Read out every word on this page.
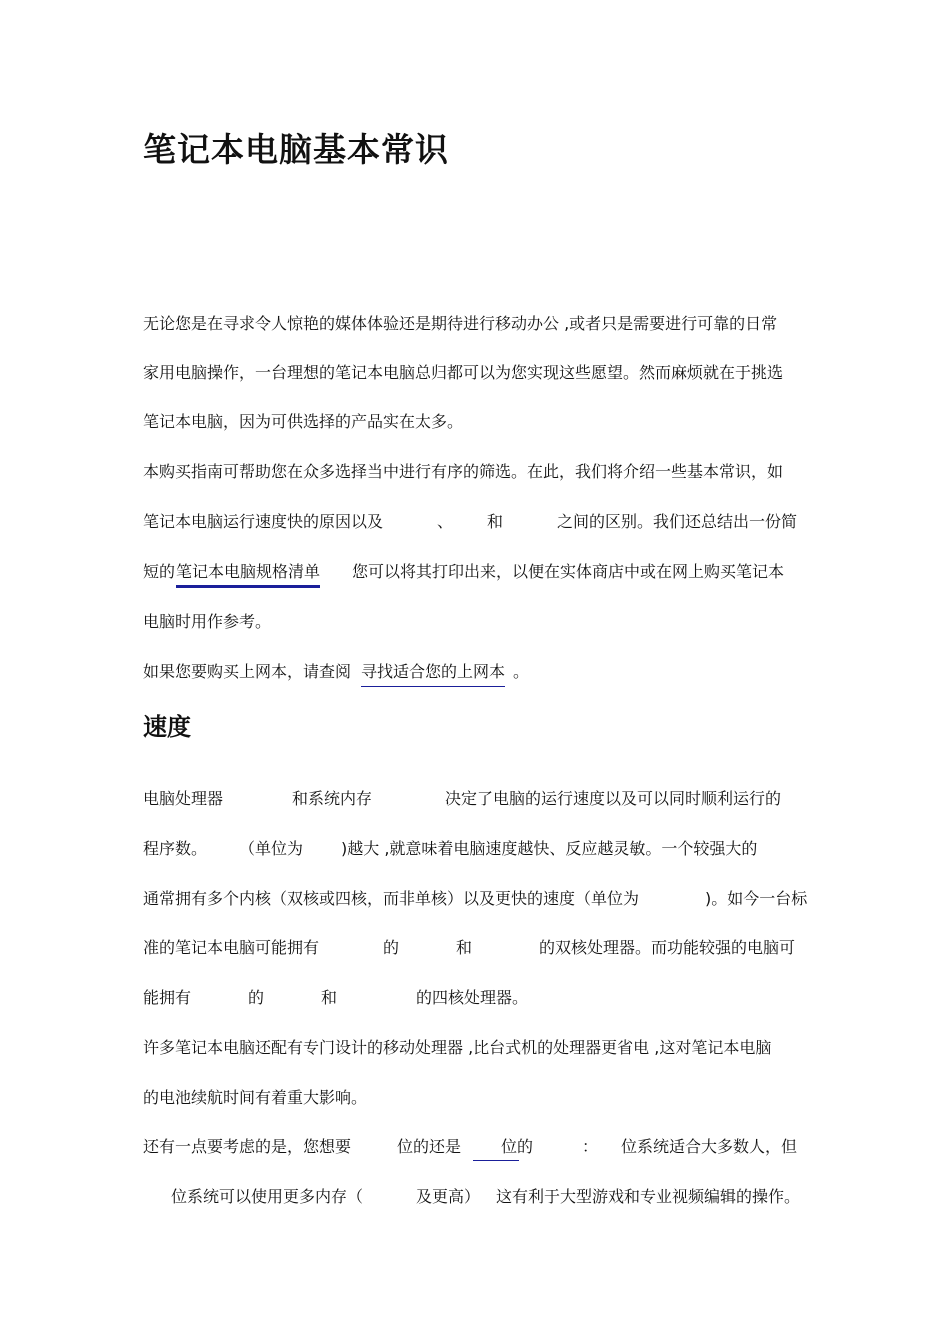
笔记本电脑基本常识
无论您是在寻求令人惊艳的媒体体验还是期待进行移动办公 ,或者只是需要进行可靠的日常
家用电脑操作，一台理想的笔记本电脑总归都可以为您实现这些愿望。然而麻烦就在于挑选
笔记本电脑，因为可供选择的产品实在太多。
本购买指南可帮助您在众多选择当中进行有序的筛选。在此，我们将介绍一些基本常识，如
笔记本电脑运行速度快的原因以及	、 和	之间的区别。我们还总结出一份简
短的 笔记本电脑规格清单 您可以将其打印出来，以便在实体商店中或在网上购买笔记本
电脑时用作参考。
如果您要购买上网本，请查阅 寻找适合您的上网本 。
速度
电脑处理器	和系统内存	决定了电脑的运行速度以及可以同时顺利运行的
程序数。 （单位为 )越大 ,就意味着电脑速度越快、反应越灵敏。一个较强大的
通常拥有多个内核（双核或四核，而非单核）以及更快的速度（单位为	)。如今一台标
准的笔记本电脑可能拥有	的	和	的双核处理器。而功能较强的电脑可
能拥有	的	和	的四核处理器。
许多笔记本电脑还配有专门设计的移动处理器 ,比台式机的处理器更省电 ,这对笔记本电脑
的电池续航时间有着重大影响。
还有一点要考虑的是，您想要	位的还是 位的	： 位系统适合大多数人，但
位系统可以使用更多内存（	及更高） 这有利于大型游戏和专业视频编辑的操作。
